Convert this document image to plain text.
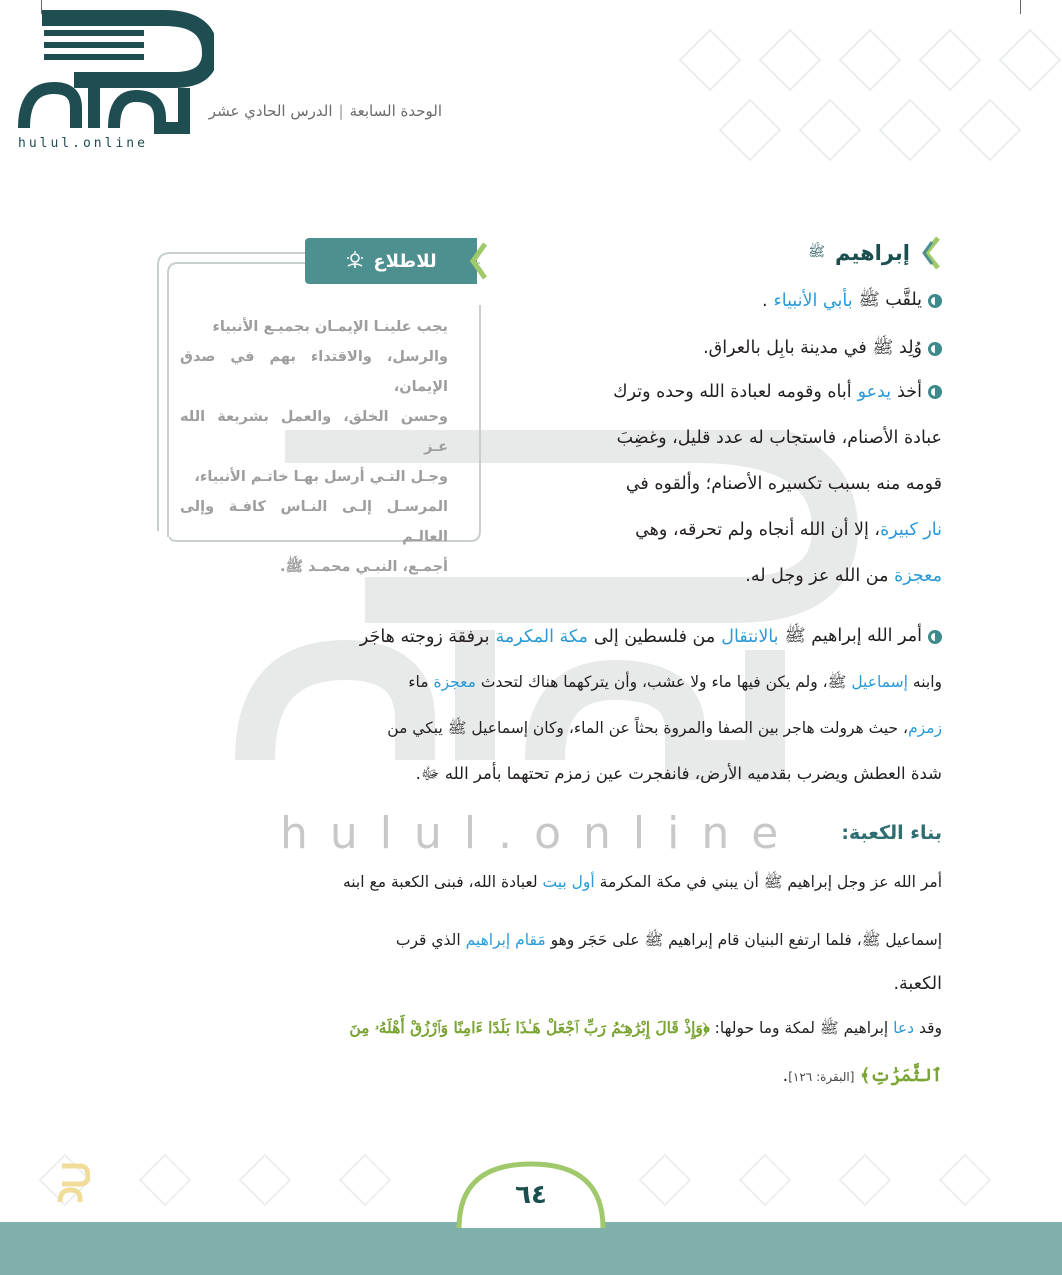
hulul.online
الوحدة السابعة|الدرس الحادي عشر
hulul.online
للاطلاع
يجب علينـا الإيمـان بجميـع الأنبياء
والرسل، والاقتداء بهم في صدق الإيمان،
وحسن الخلق، والعمل بشريعة الله عـز
وجـل التـي أرسل بهـا خاتـم الأنبياء،
المرسـل إلـى النـاس كافـة وإلى العالـم
أجمـع، النبـي محمـد ﷺ.
إبراهيم
ﷺ
يلقَّب ﷺ
بأبي الأنبياء
.
وُلِد ﷺ في مدينة بابِل بالعراق.
أخذ
يدعو
أباه وقومه لعبادة الله وحده وترك
عبادة الأصنام، فاستجاب له عدد قليل، وغضِبَ
قومه منه بسبب تكسيره الأصنام؛ وألقوه في
نار كبيرة، إلا أن الله أنجاه ولم تحرقه، وهي
معجزة من الله عز وجل له.
أمر الله إبراهيم ﷺ
بالانتقال
من فلسطين إلى
مكة المكرمة
برفقة زوجته هاجَر
وابنه إسماعيل ﷺ، ولم يكن فيها ماء ولا عشب، وأن يتركهما هناك لتحدث معجزة ماء
زمزم، حيث هرولت هاجر بين الصفا والمروة بحثاً عن الماء، وكان إسماعيل ﷺ يبكي من
شدة العطش ويضرب بقدميه الأرض، فانفجرت عين زمزم تحتهما بأمر الله ﷻ.
بناء الكعبة:
أمر الله عز وجل إبراهيم ﷺ أن يبني في مكة المكرمة أول بيت لعبادة الله، فبنى الكعبة مع ابنه
إسماعيل ﷺ، فلما ارتفع البنيان قام إبراهيم ﷺ على حَجَر وهو مَقام إبراهيم الذي قرب
الكعبة.
وقد دعا إبراهيم ﷺ لمكة وما حولها: ﴿وَإِذْ قَالَ إِبْرَٰهِـۧمُ رَبِّ ٱجْعَلْ هَـٰذَا بَلَدًا ءَامِنًا وَٱرْزُقْ أَهْلَهُۥ مِنَ
ٱلثَّمَرَٰتِ﴾ [البقرة: ١٢٦].
٦٤
